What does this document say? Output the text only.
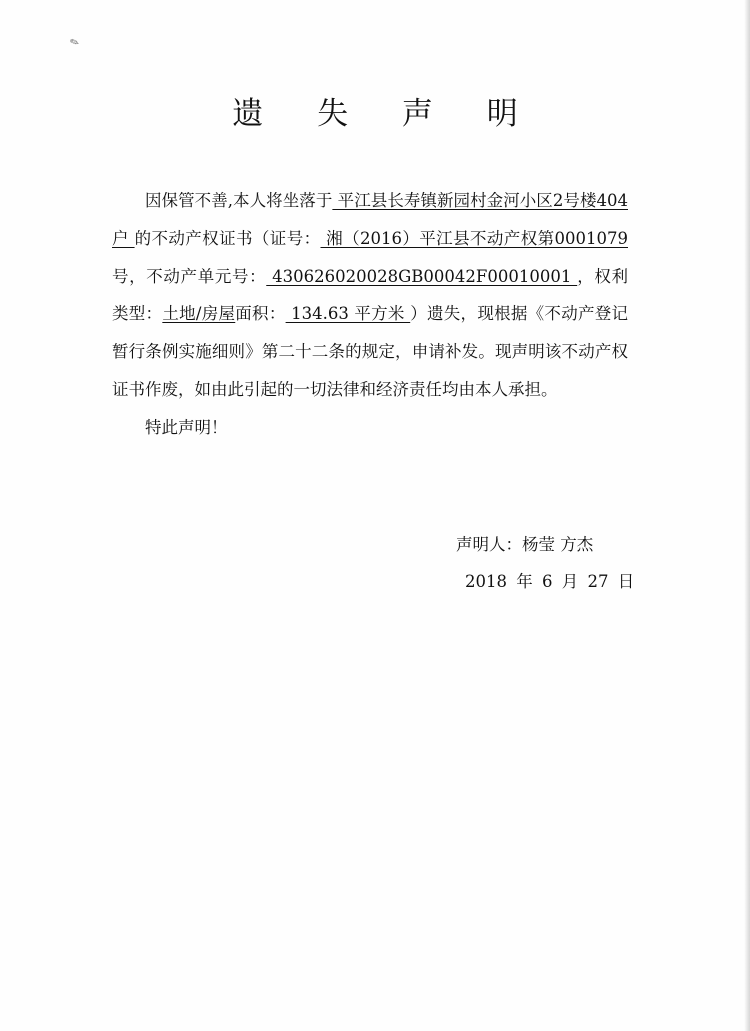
✎
遗 失 声 明

因保管不善,本人将坐落于 平江县长寿镇新园村金河小区2号楼404户 的不动产权证书（证号： 湘（2016）平江县不动产权第0001079号，不动产单元号： 430626020028GB00042F00010001 ，权利类型：土地/房屋面积： 134.63 平方米 ）遗失，现根据《不动产登记暂行条例实施细则》第二十二条的规定，申请补发。现声明该不动产权证书作废，如由此引起的一切法律和经济责任均由本人承担。

特此声明！

声明人：杨莹 方杰
2018 年 6 月 27 日
